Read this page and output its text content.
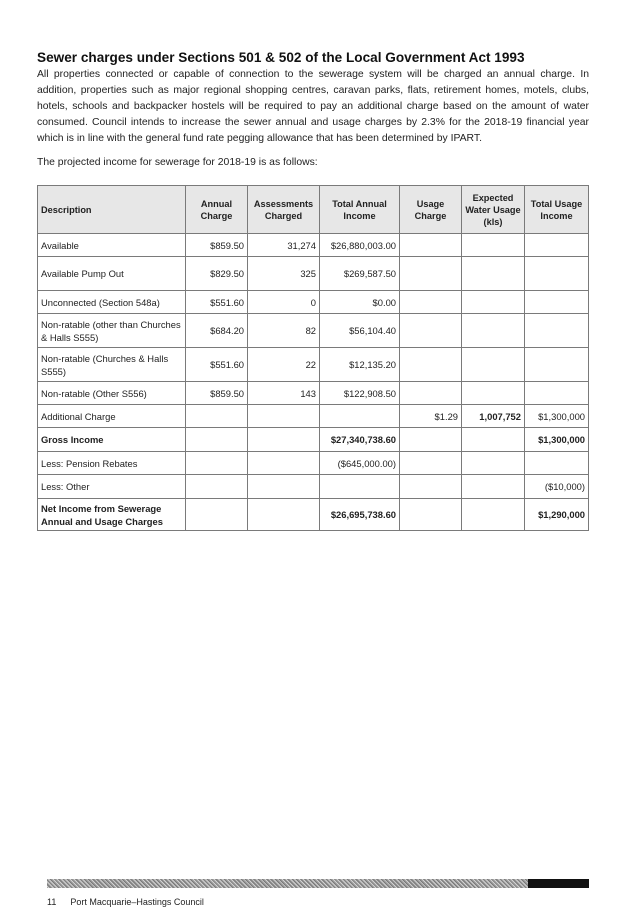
Sewer charges under Sections 501 & 502 of the Local Government Act 1993
All properties connected or capable of connection to the sewerage system will be charged an annual charge. In addition, properties such as major regional shopping centres, caravan parks, flats, retirement homes, motels, clubs, hotels, schools and backpacker hostels will be required to pay an additional charge based on the amount of water consumed. Council intends to increase the sewer annual and usage charges by 2.3% for the 2018-19 financial year which is in line with the general fund rate pegging allowance that has been determined by IPART.
The projected income for sewerage for 2018-19 is as follows:
Description	Annual Charge	Assessments Charged	Total Annual Income	Usage Charge	Expected Water Usage (kls)	Total Usage Income
Available	$859.50	31,274	$26,880,003.00			
Available Pump Out	$829.50	325	$269,587.50			
Unconnected (Section 548a)	$551.60	0	$0.00			
Non-ratable (other than Churches & Halls S555)	$684.20	82	$56,104.40			
Non-ratable (Churches & Halls S555)	$551.60	22	$12,135.20			
Non-ratable (Other S556)	$859.50	143	$122,908.50			
Additional Charge				$1.29	1,007,752	$1,300,000
Gross Income			$27,340,738.60			$1,300,000
Less: Pension Rebates			($645,000.00)			
Less: Other						($10,000)
Net Income from Sewerage Annual and Usage Charges			$26,695,738.60			$1,290,000
11 Port Macquarie–Hastings Council
